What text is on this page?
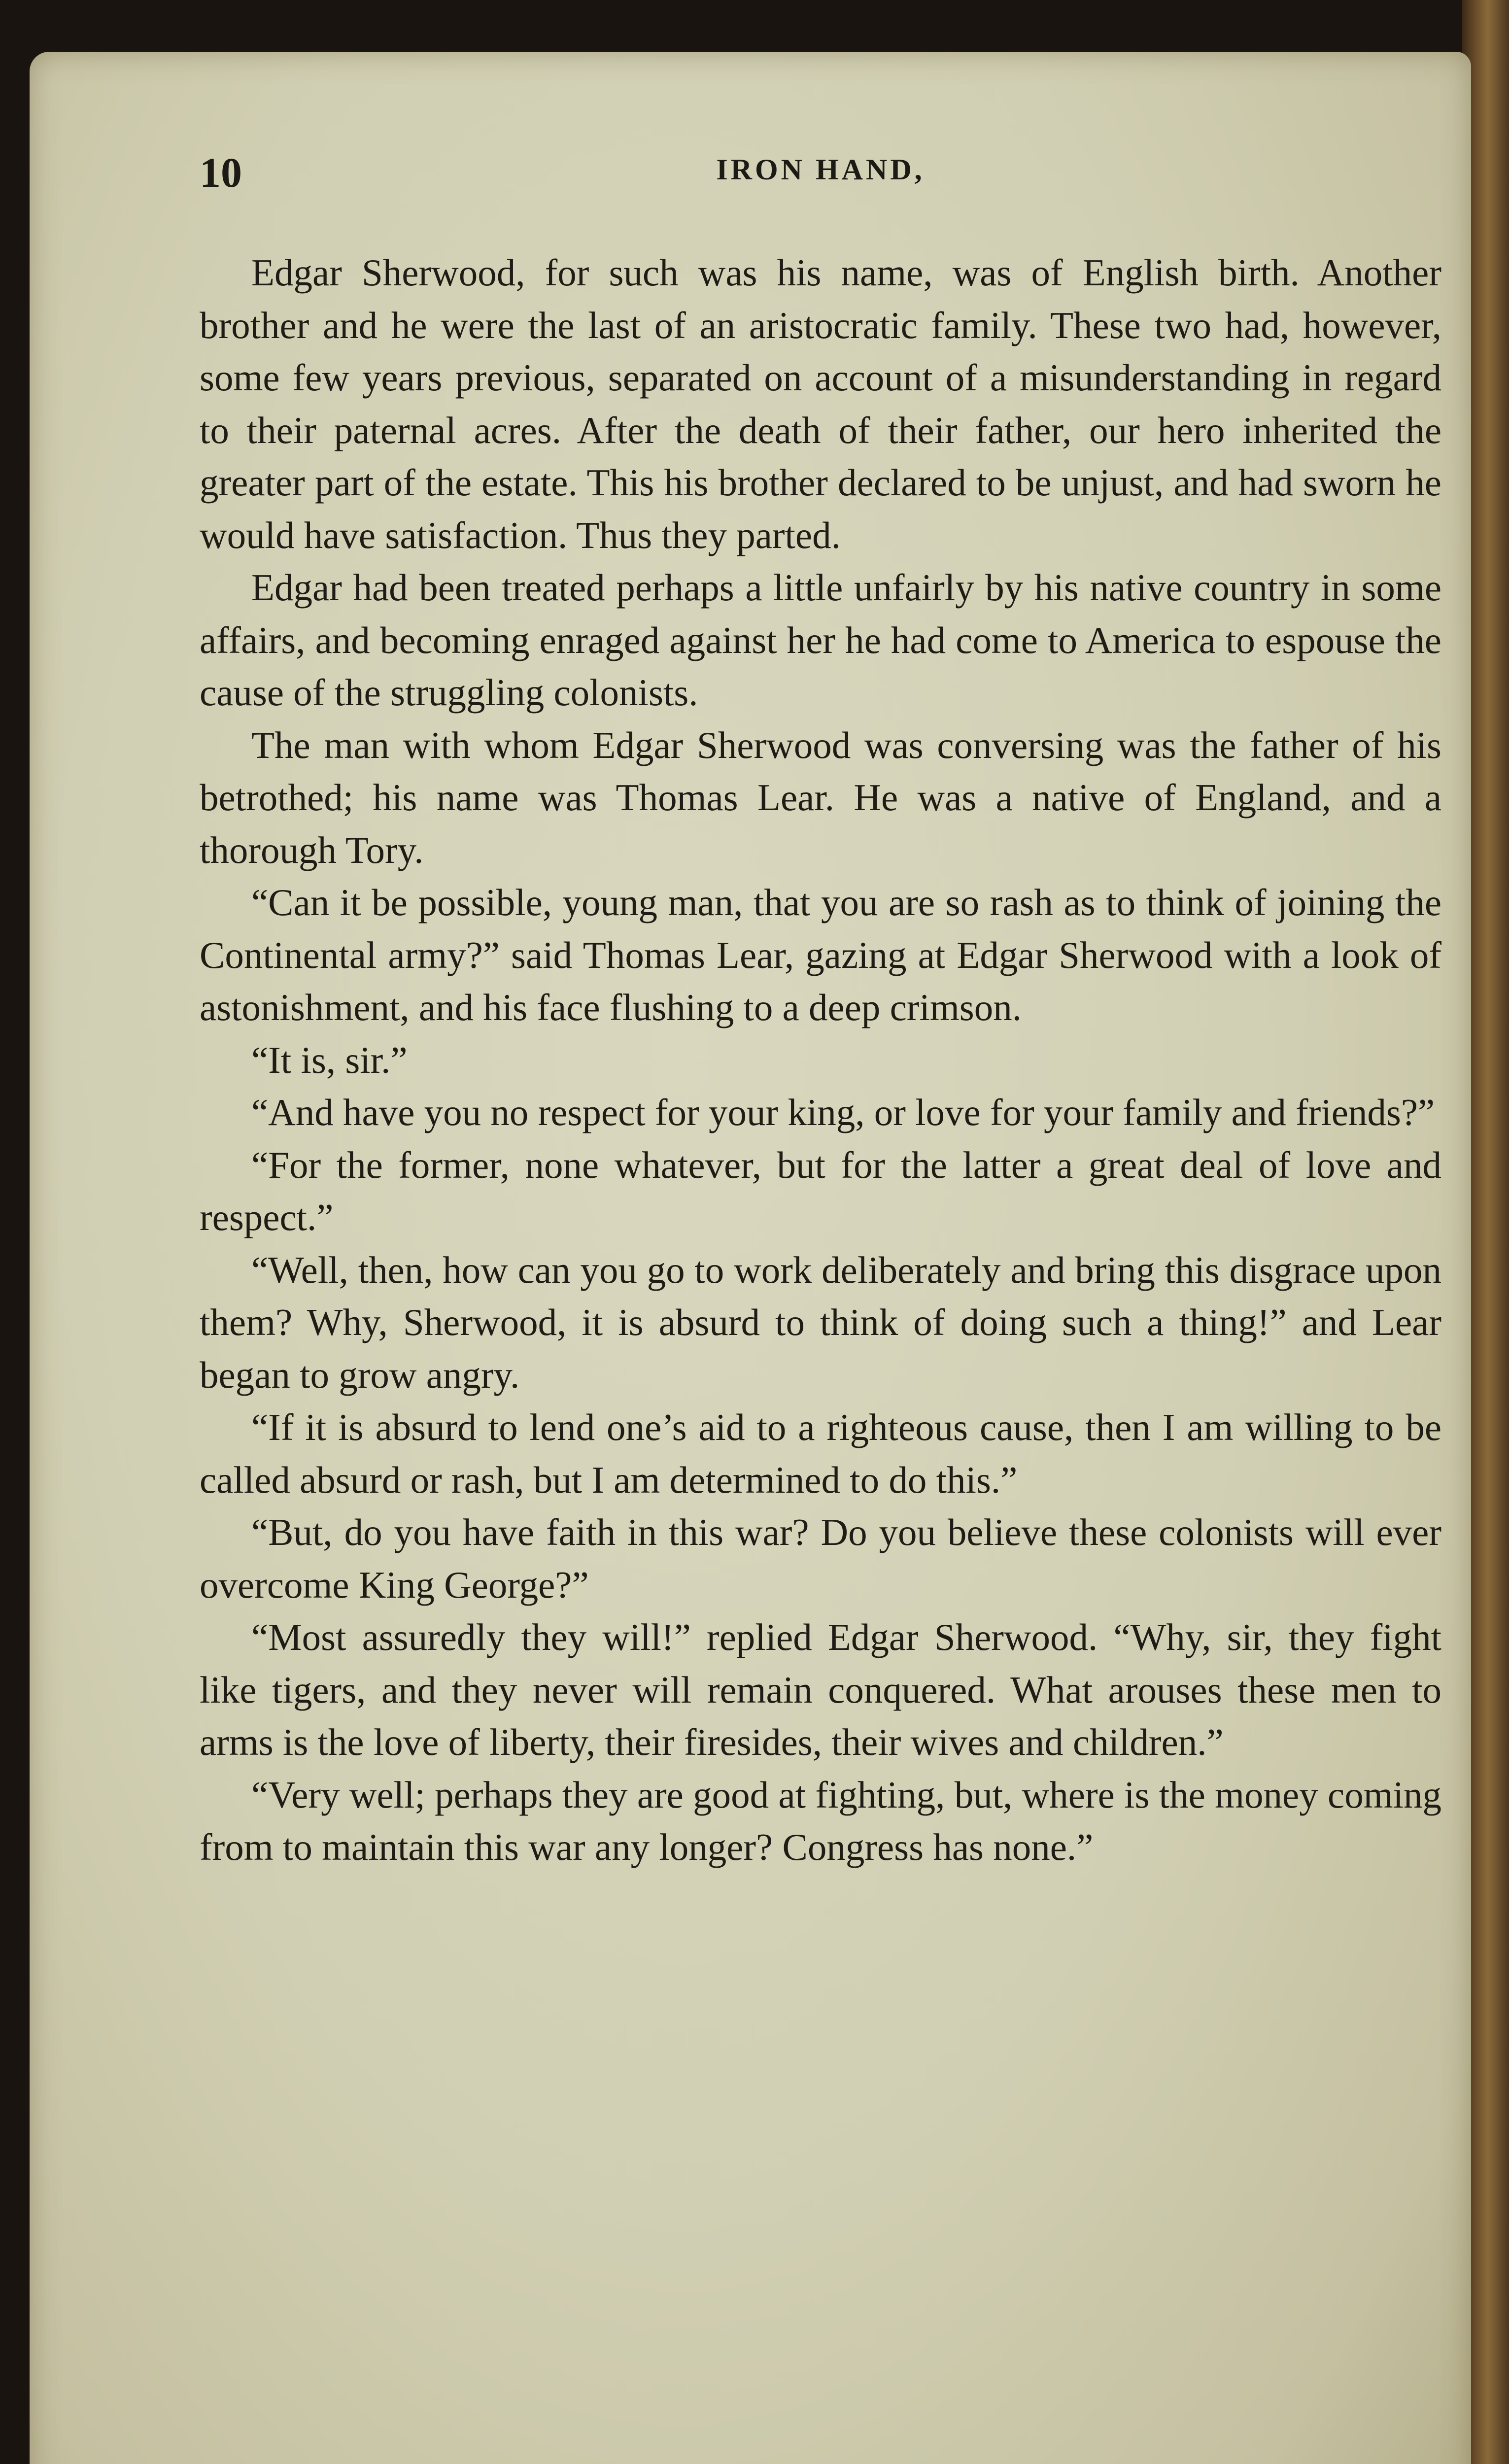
10	IRON HAND,

Edgar Sherwood, for such was his name, was of English birth. Another brother and he were the last of an aristocratic family. These two had, however, some few years previous, separated on account of a misunderstanding in regard to their paternal acres. After the death of their father, our hero inherited the greater part of the estate. This his brother declared to be unjust, and had sworn he would have satisfaction. Thus they parted.

Edgar had been treated perhaps a little unfairly by his native country in some affairs, and becoming enraged against her he had come to America to espouse the cause of the struggling colonists.

The man with whom Edgar Sherwood was conversing was the father of his betrothed; his name was Thomas Lear. He was a native of England, and a thorough Tory.

“Can it be possible, young man, that you are so rash as to think of joining the Continental army?” said Thomas Lear, gazing at Edgar Sherwood with a look of astonishment, and his face flushing to a deep crimson.

“It is, sir.”

“And have you no respect for your king, or love for your family and friends?”

“For the former, none whatever, but for the latter a great deal of love and respect.”

“Well, then, how can you go to work deliberately and bring this disgrace upon them? Why, Sherwood, it is absurd to think of doing such a thing!” and Lear began to grow angry.

“If it is absurd to lend one’s aid to a righteous cause, then I am willing to be called absurd or rash, but I am determined to do this.”

“But, do you have faith in this war? Do you believe these colonists will ever overcome King George?”

“Most assuredly they will!” replied Edgar Sherwood. “Why, sir, they fight like tigers, and they never will remain conquered. What arouses these men to arms is the love of liberty, their firesides, their wives and children.”

“Very well; perhaps they are good at fighting, but, where is the money coming from to maintain this war any longer? Congress has none.”
